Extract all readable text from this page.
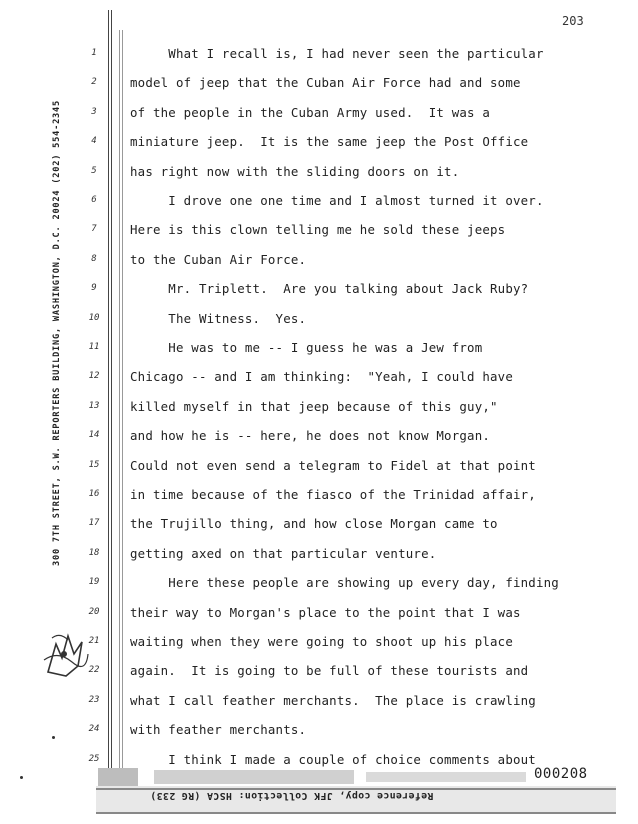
203
300 7TH STREET, S.W. REPORTERS BUILDING, WASHINGTON, D.C. 20024 (202) 554-2345
1	What I recall is, I had never seen the particular
2	model of jeep that the Cuban Air Force had and some
3	of the people in the Cuban Army used.  It was a
4	miniature jeep.  It is the same jeep the Post Office
5	has right now with the sliding doors on it.
6	I drove one one time and I almost turned it over.
7	Here is this clown telling me he sold these jeeps
8	to the Cuban Air Force.
9	Mr. Triplett.  Are you talking about Jack Ruby?
10 The Witness.  Yes.
11 He was to me -- I guess he was a Jew from
12 Chicago -- and I am thinking:  "Yeah, I could have
13 killed myself in that jeep because of this guy,"
14 and how he is -- here, he does not know Morgan.
15 Could not even send a telegram to Fidel at that point
16 in time because of the fiasco of the Trinidad affair,
17 the Trujillo thing, and how close Morgan came to
18 getting axed on that particular venture.
19 Here these people are showing up every day, finding
20 their way to Morgan's place to the point that I was
21 waiting when they were going to shoot up his place
22 again.  It is going to be full of these tourists and
23 what I call feather merchants.  The place is crawling
24 with feather merchants.
25 I think I made a couple of choice comments about
Reference copy, JFK Collection: HSCA (RG 233)
000208
